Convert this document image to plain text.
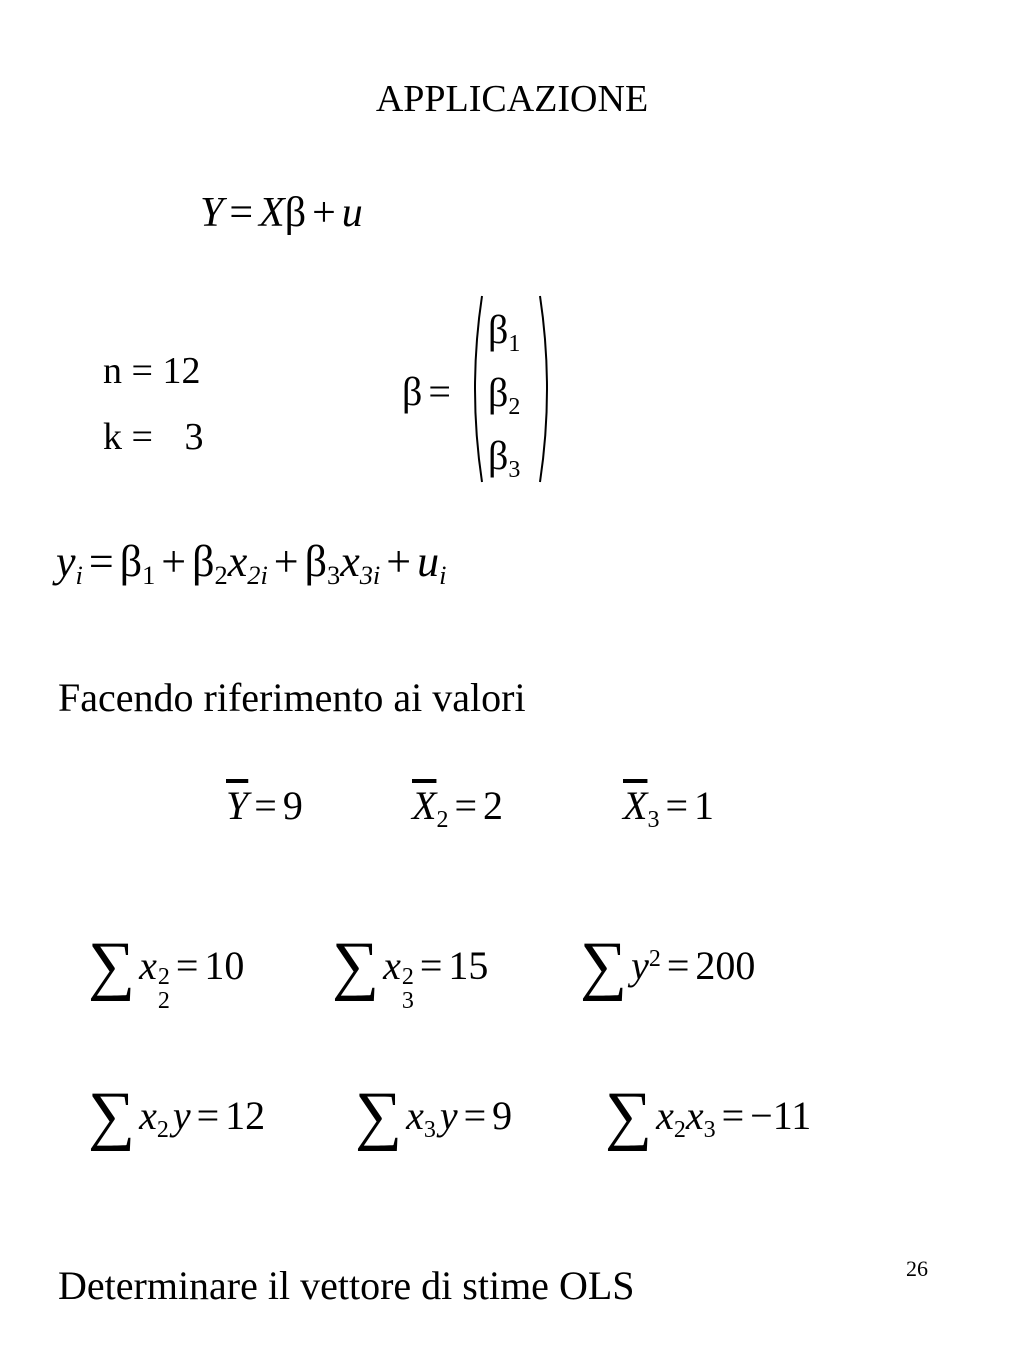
APPLICAZIONE
Y = Xβ + u
n = 12
k = 3
β =
$\beta_1$
$\beta_2$
$\beta_3$
$y_i = \beta_1 + \beta_2x_{2i} + \beta_3x_{3i} + u_i$
Facendo riferimento ai valori
$\overline{Y} = 9$	$\overline{X}_2 = 2$	$\overline{X}_3 = 1$
∑ x 2
2
= 10 ∑ x 2
3
= 15 ∑ $y^2 = 200$
∑ $x_2$ y = 12 ∑ $x_3$ y = 9 ∑ $x_2$ $x_3 = -11$
26
Determinare il vettore di stime OLS
